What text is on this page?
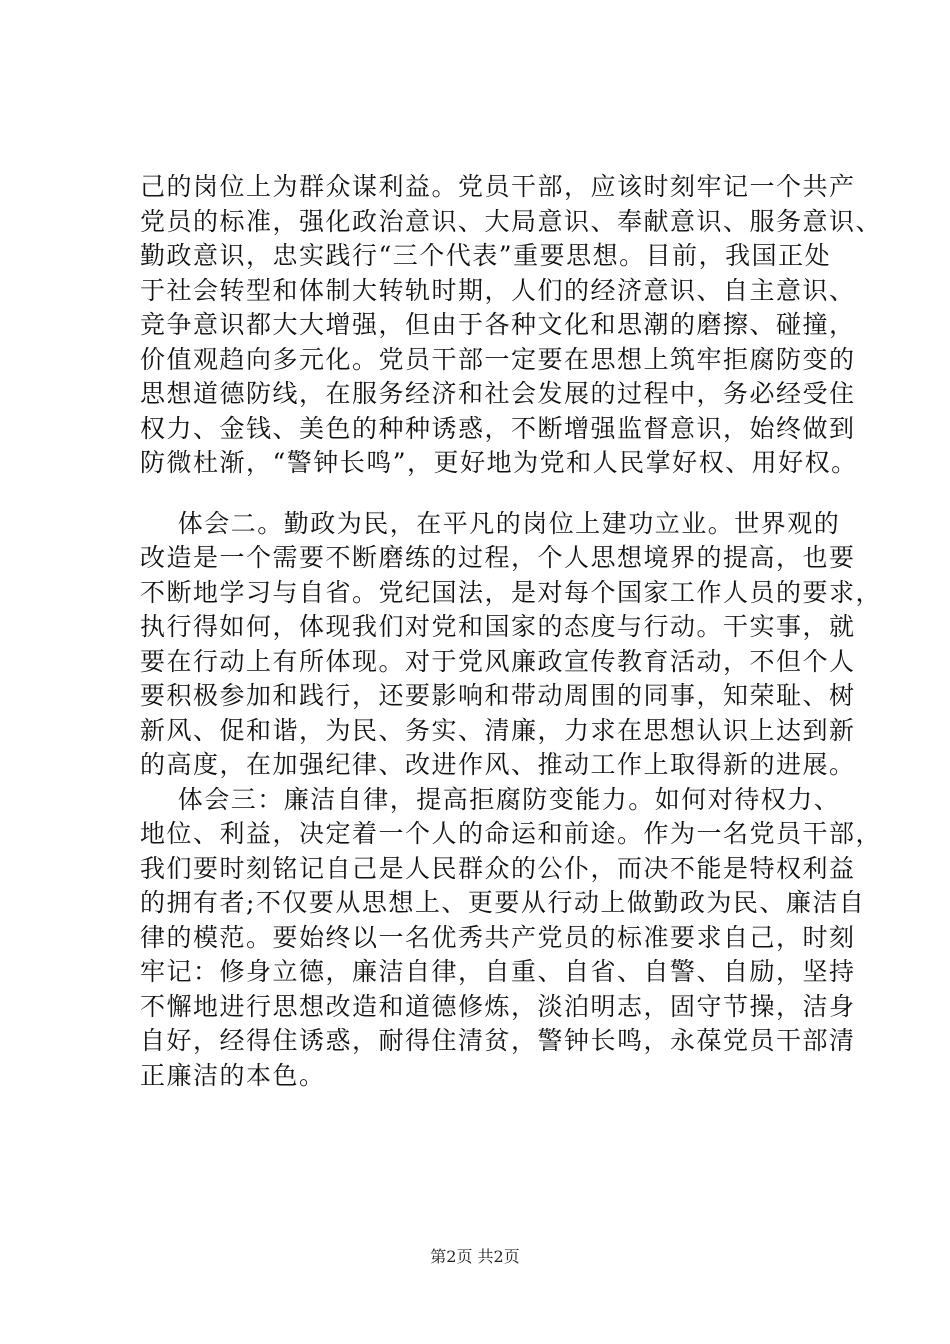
己的岗位上为群众谋利益。党员干部，应该时刻牢记一个共产
党员的标准，强化政治意识、大局意识、奉献意识、服务意识、
勤政意识，忠实践行“三个代表”重要思想。目前，我国正处
于社会转型和体制大转轨时期，人们的经济意识、自主意识、
竞争意识都大大增强，但由于各种文化和思潮的磨擦、碰撞，
价值观趋向多元化。党员干部一定要在思想上筑牢拒腐防变的
思想道德防线，在服务经济和社会发展的过程中，务必经受住
权力、金钱、美色的种种诱惑，不断增强监督意识，始终做到
防微杜渐，“警钟长鸣”，更好地为党和人民掌好权、用好权。
体会二。勤政为民，在平凡的岗位上建功立业。世界观的
改造是一个需要不断磨练的过程，个人思想境界的提高，也要
不断地学习与自省。党纪国法，是对每个国家工作人员的要求，
执行得如何，体现我们对党和国家的态度与行动。干实事，就
要在行动上有所体现。对于党风廉政宣传教育活动，不但个人
要积极参加和践行，还要影响和带动周围的同事，知荣耻、树
新风、促和谐，为民、务实、清廉，力求在思想认识上达到新
的高度，在加强纪律、改进作风、推动工作上取得新的进展。
体会三：廉洁自律，提高拒腐防变能力。如何对待权力、
地位、利益，决定着一个人的命运和前途。作为一名党员干部，
我们要时刻铭记自己是人民群众的公仆，而决不能是特权利益
的拥有者;不仅要从思想上、更要从行动上做勤政为民、廉洁自
律的模范。要始终以一名优秀共产党员的标准要求自己，时刻
牢记：修身立德，廉洁自律，自重、自省、自警、自励，坚持
不懈地进行思想改造和道德修炼，淡泊明志，固守节操，洁身
自好，经得住诱惑，耐得住清贫，警钟长鸣，永葆党员干部清
正廉洁的本色。
第2页 共2页
